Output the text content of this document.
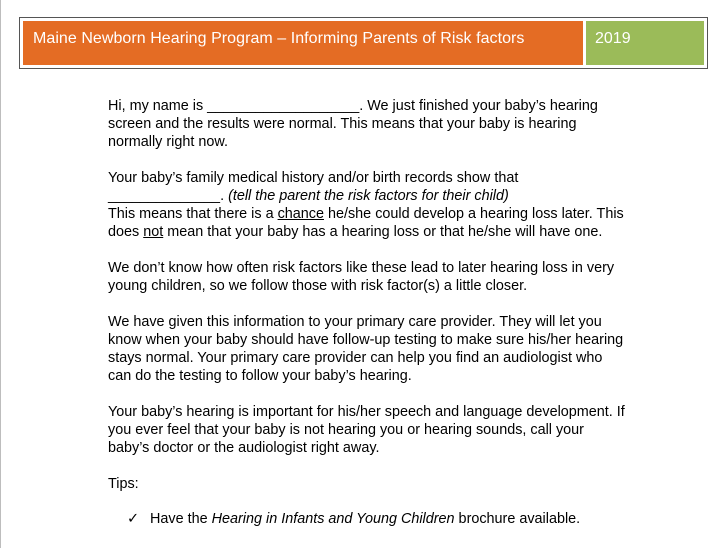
Maine Newborn Hearing Program – Informing Parents of Risk factors	2019

Hi, my name is ___________________. We just finished your baby’s hearing screen and the results were normal. This means that your baby is hearing normally right now.

Your baby’s family medical history and/or birth records show that
______________. (tell the parent the risk factors for their child)
This means that there is a chance he/she could develop a hearing loss later. This does not mean that your baby has a hearing loss or that he/she will have one.

We don’t know how often risk factors like these lead to later hearing loss in very young children, so we follow those with risk factor(s) a little closer.

We have given this information to your primary care provider. They will let you know when your baby should have follow-up testing to make sure his/her hearing stays normal. Your primary care provider can help you find an audiologist who can do the testing to follow your baby’s hearing.

Your baby’s hearing is important for his/her speech and language development. If you ever feel that your baby is not hearing you or hearing sounds, call your baby’s doctor or the audiologist right away.

Tips:

✓ Have the Hearing in Infants and Young Children brochure available.
